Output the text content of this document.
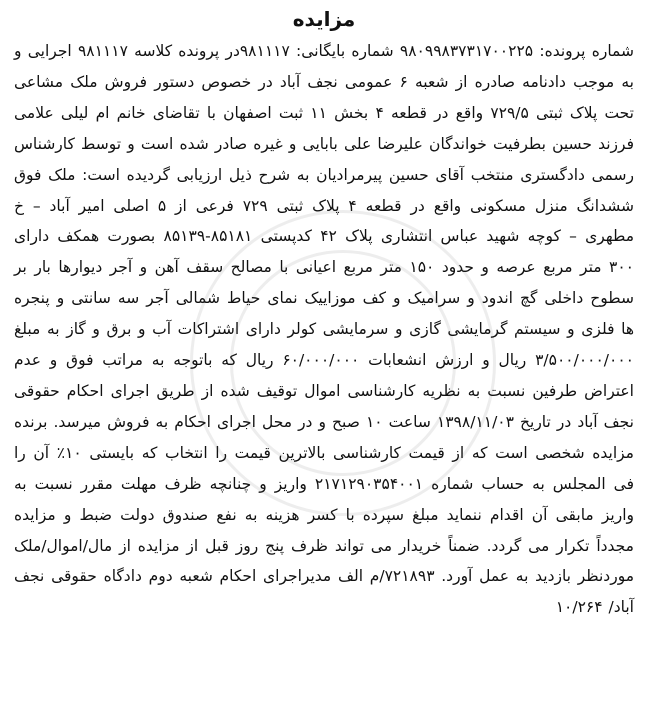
مزایده

شماره پرونده: ۹۸۰۹۹۸۳۷۳۱۷۰۰۲۲۵ شماره بایگانی: ۹۸۱۱۱۷در پرونده کلاسه ۹۸۱۱۱۷ اجرایی و به موجب دادنامه صادره از شعبه ۶ عمومی نجف آباد در خصوص دستور فروش ملک مشاعی تحت پلاک ثبتی ۷۲۹/۵ واقع در قطعه ۴ بخش ۱۱ ثبت اصفهان با تقاضای خانم ام لیلی علامی فرزند حسین بطرفیت خواندگان علیرضا علی بابایی و غیره صادر شده است و توسط کارشناس رسمی دادگستری منتخب آقای حسین پیرمرادیان به شرح ذیل ارزیابی گردیده است: ملک فوق ششدانگ منزل مسکونی واقع در قطعه ۴ پلاک ثبتی ۷۲۹ فرعی از ۵ اصلی امیر آباد – خ مطهری – کوچه شهید عباس انتشاری پلاک ۴۲ کدپستی ۸۵۱۸۱-۸۵۱۳۹ بصورت همکف دارای ۳۰۰ متر مربع عرصه و حدود ۱۵۰ متر مربع اعیانی با مصالح سقف آهن و آجر دیوارها بار بر سطوح داخلی گچ اندود و سرامیک و کف موزاییک نمای حیاط شمالی آجر سه سانتی و پنجره ها فلزی و سیستم گرمایشی گازی و سرمایشی کولر دارای اشتراکات آب و برق و گاز به مبلغ ۳/۵۰۰/۰۰۰/۰۰۰ ریال و ارزش انشعابات ۶۰/۰۰۰/۰۰۰ ریال که باتوجه به مراتب فوق و عدم اعتراض طرفین نسبت به نظریه کارشناسی اموال توقیف شده از طریق اجرای احکام حقوقی نجف آباد در تاریخ ۱۳۹۸/۱۱/۰۳ ساعت ۱۰ صبح و در محل اجرای احکام به فروش میرسد. برنده مزایده شخصی است که از قیمت کارشناسی بالاترین قیمت را انتخاب که بایستی ۱۰٪ آن را فی المجلس به حساب شماره ۲۱۷۱۲۹۰۳۵۴۰۰۱ واریز و چنانچه ظرف مهلت مقرر نسبت به واریز مابقی آن اقدام ننماید مبلغ سپرده با کسر هزینه به نفع صندوق دولت ضبط و مزایده مجدداً تکرار می گردد. ضمناً خریدار می تواند ظرف پنج روز قبل از مزایده از مال/اموال/ملک موردنظر بازدید به عمل آورد. ۷۲۱۸۹۳/م الف مدیراجرای احکام شعبه دوم دادگاه حقوقی نجف آباد/ ۱۰/۲۶۴
